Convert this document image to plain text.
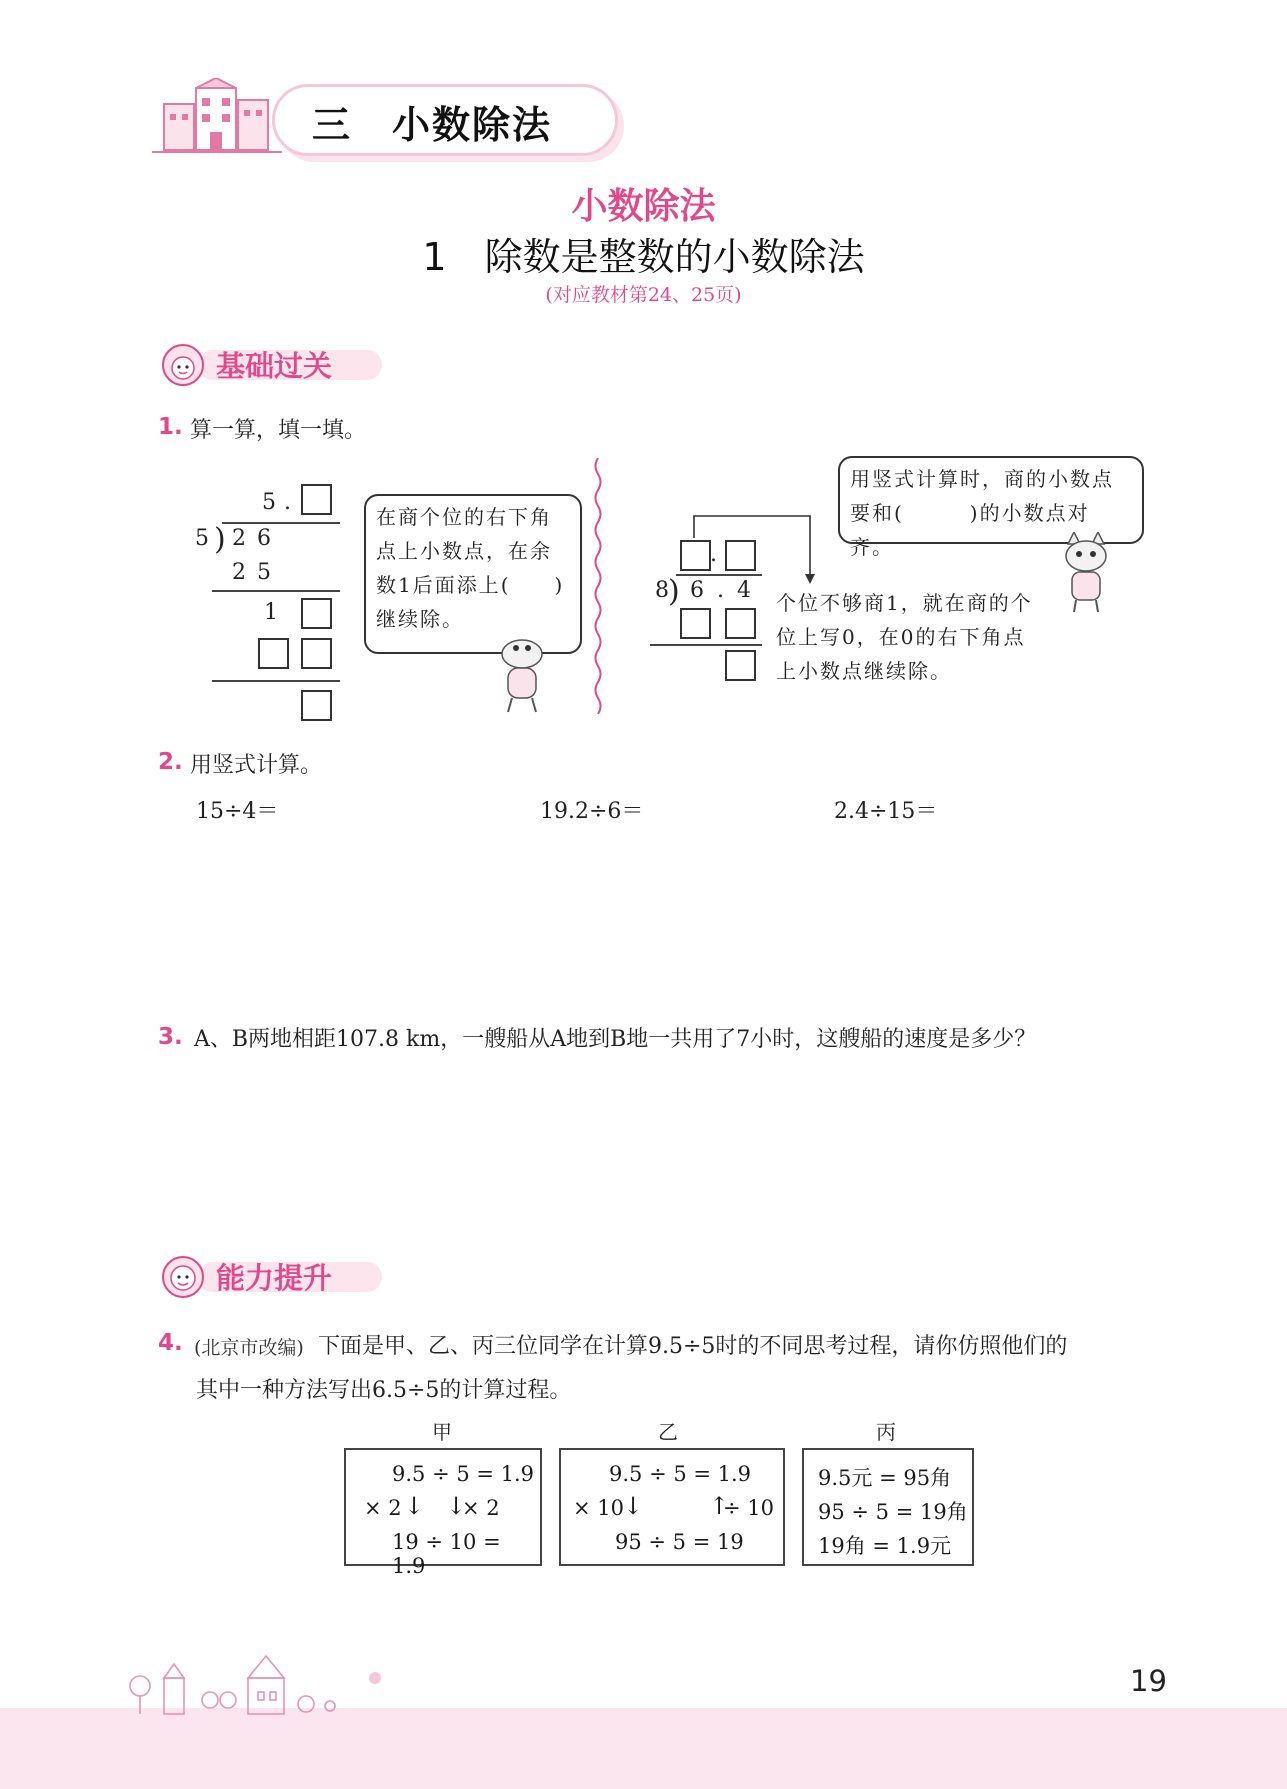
三　小数除法
小数除法
1　除数是整数的小数除法
(对应教材第24、25页)
基础过关
1. 算一算，填一填。
5 .
5 ) 2 6
2 5
1
在商个位的右下角点上小数点，在余数1后面添上(　　)继续除。
.
8 ) 6 . 4
用竖式计算时，商的小数点要和(　　　)的小数点对齐。
个位不够商1，就在商的个位上写0，在0的右下角点上小数点继续除。
2. 用竖式计算。
15÷4＝	19.2÷6＝	2.4÷15＝
3. A、B两地相距107.8 km，一艘船从A地到B地一共用了7小时，这艘船的速度是多少？
能力提升
4. (北京市改编) 下面是甲、乙、丙三位同学在计算9.5÷5时的不同思考过程，请你仿照他们的
其中一种方法写出6.5÷5的计算过程。
甲
9.5 ÷ 5 = 1.9
× 2 ↓ ↓
× 2
19 ÷ 10 = 1.9
乙
9.5 ÷ 5 = 1.9
× 10 ↓	↑
÷ 10
95 ÷ 5 = 19
丙
9.5元 = 95角
95 ÷ 5 = 19角
19角 = 1.9元
19
